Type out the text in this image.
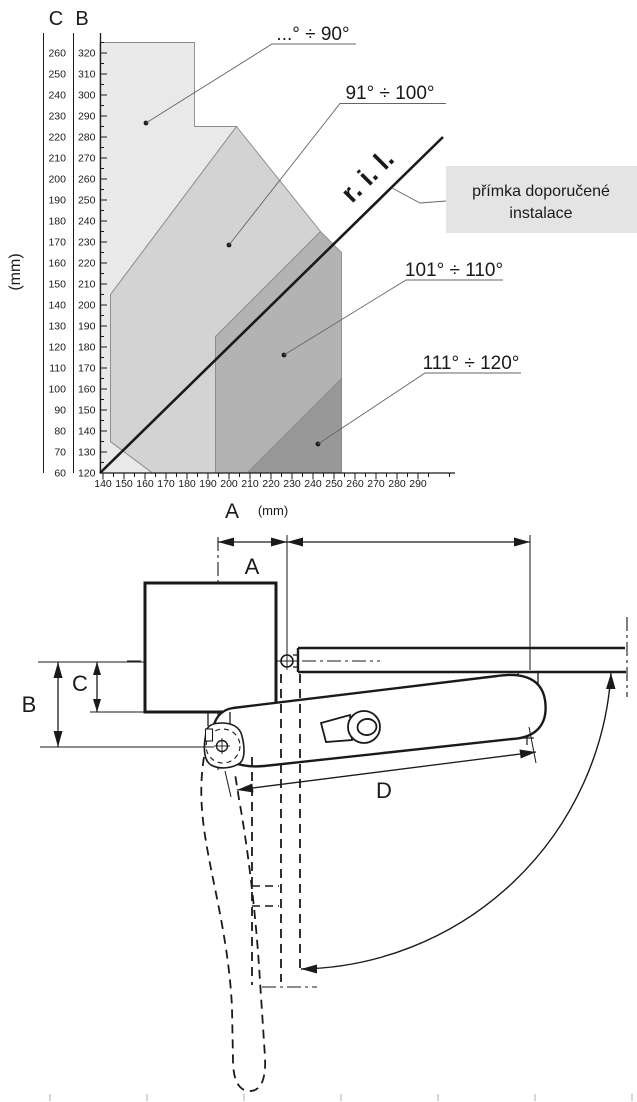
C B
(mm)
260
250
240
230
220
210
200
190
180
170
160
150
140
130
120
110
100
90
80
70
60
320
310
300
290
280
270
260
250
240
230
220
210
200
190
180
170
160
150
140
130
120
140 150 160 170 180 190 200 210 220 230 240 250 260 270 280 290
r. i. l.
...° ÷ 90°
91° ÷ 100°
101° ÷ 110°
111° ÷ 120°
přímka doporučené
instalace
A (mm)
A
B
C
D
